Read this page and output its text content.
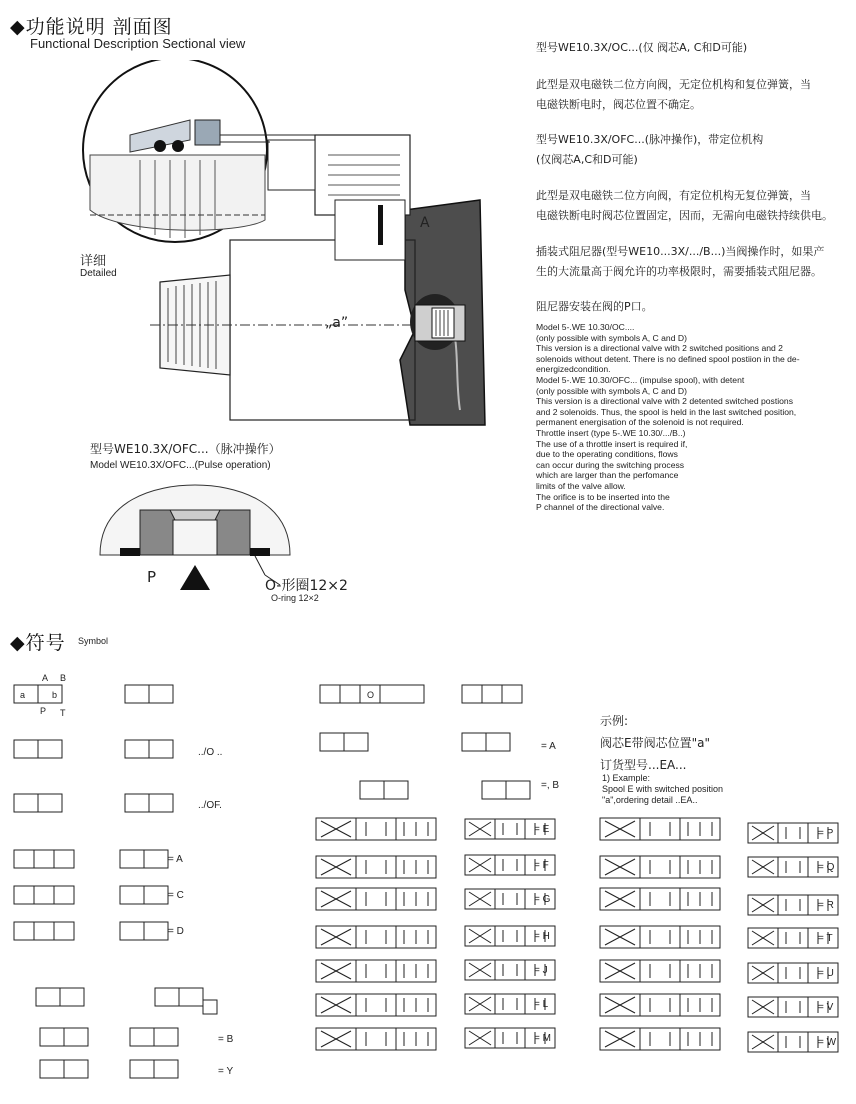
◆功能说明 剖面图
Functional Description Sectional view	型号WE10.3X/OC...(仅 阀芯A, C和D可能)
此型是双电磁铁二位方向阀，无定位机构和复位弹簧，当
电磁铁断电时，阀芯位置不确定。
型号WE10.3X/OFC...(脉冲操作)，带定位机构
(仅阀芯A,C和D可能)
此型是双电磁铁二位方向阀，有定位机构无复位弹簧，当
电磁铁断电时阀芯位置固定，因而，无需向电磁铁持续供电。
插装式阻尼器(型号WE10...3X/.../B...)当阀操作时，如果产
生的大流量高于阀允许的功率极限时，需要插装式阻尼器。
阻尼器安装在阀的P口。
Model 5-.WE 10.30/OC....
(only possible with symbols A, C and D)
This version is a directional valve with 2 switched positions and 2
solenoids without detent. There is no defined spool postiion in the de-
energizedcondition.
Model 5-.WE 10.30/OFC... (impulse spool), with detent
(only possible with symbols A, C and D)
This version is a directional valve with 2 detented switched postions
and 2 solenoids. Thus, the spool is held in the last switched position,
permanent energisation of the solenoid is not required.
Throttle insert (type 5-.WE 10.30/.../B..)
The use of a throttle insert is required if,
due to the operating conditions, flows
can occur during the switching process
which are larger than the perfomance
limits of the valve allow.
The orifice is to be inserted into the
P channel of the directional valve.
A
„a”
详细
Detailed
型号WE10.3X/OFC...（脉冲操作）
Model WE10.3X/OFC...(Pulse operation)
P	O-形圈12×2
O-ring 12×2
◆符号 Symbol
示例:
阀芯E带阀芯位置"a"
订货型号...EA...
1) Example:
Spool E with switched position
"a",ordering detail ..EA..
= A
= C
= D
= B
= Y
../O ..
../OF.
= A
=, B
= E
= F
= G
= H
= J
= L
= M
= P
= Q
= R
= T
= U
= V
= W
A B
P T
a	b	O
